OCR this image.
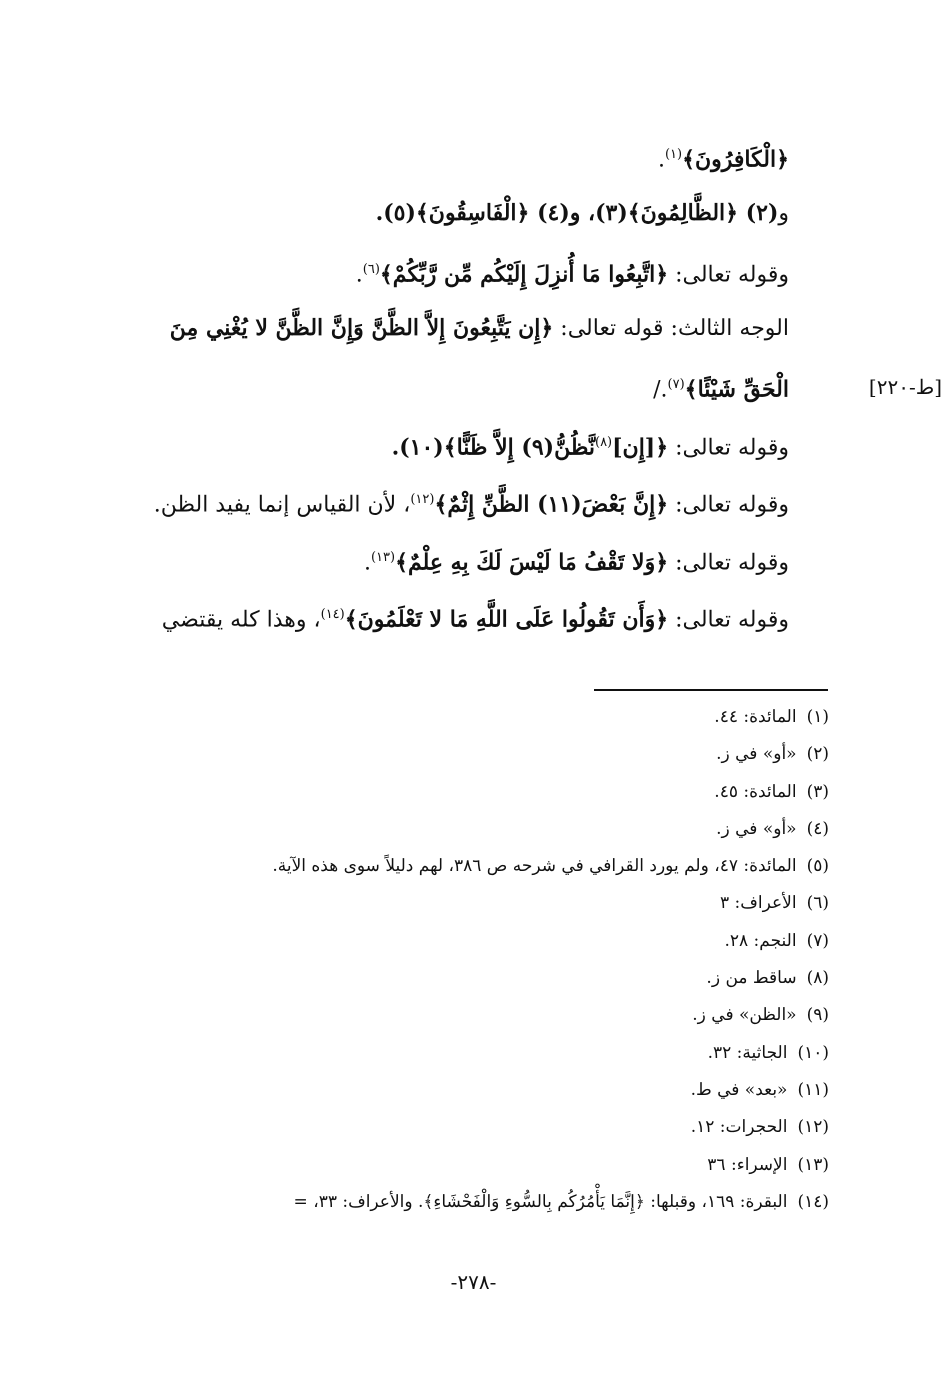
﴿الْكَافِرُونَ﴾$^{(١)}$.
و(٢) ﴿الظَّالِمُونَ﴾(٣)، و(٤) ﴿الْفَاسِقُونَ﴾(٥).
وقوله تعالى: ﴿اتَّبِعُوا مَا أُنزِلَ إِلَيْكُم مِّن رَّبِّكُمْ﴾$^{(٦)}$.
الوجه الثالث: قوله تعالى: ﴿إِن يَتَّبِعُونَ إِلاَّ الظَّنَّ وَإِنَّ الظَّنَّ لا يُغْنِي مِنَ
الْحَقِّ شَيْئًا﴾$^{(٧)}$./
وقوله تعالى: ﴿[إِن]$^{(٨)}$نَّظُنُّ(٩) إِلاَّ ظَنًّا﴾(١٠).
وقوله تعالى: ﴿إِنَّ بَعْضَ(١١) الظَّنِّ إِثْمٌ﴾$^{(١٢)}$، لأن القياس إنما يفيد الظن.
وقوله تعالى: ﴿وَلا تَقْفُ مَا لَيْسَ لَكَ بِهِ عِلْمٌ﴾$^{(١٣)}$.
وقوله تعالى: ﴿وَأَن تَقُولُوا عَلَى اللَّهِ مَا لا تَعْلَمُونَ﴾$^{(١٤)}$، وهذا كله يقتضي
[ط-٢٢٠]
(١)المائدة: ٤٤.
(٢)«أو» في ز.
(٣)المائدة: ٤٥.
(٤)«أو» في ز.
(٥)المائدة: ٤٧، ولم يورد القرافي في شرحه ص ٣٨٦، لهم دليلاً سوى هذه الآية.
(٦)الأعراف: ٣
(٧)النجم: ٢٨.
(٨)ساقط من ز.
(٩)«الظن» في ز.
(١٠)الجاثية: ٣٢.
(١١)«بعد» في ط.
(١٢)الحجرات: ١٢.
(١٣)الإسراء: ٣٦
(١٤)البقرة: ١٦٩، وقبلها: ﴿إِنَّمَا يَأْمُرُكُم بِالسُّوءِ وَالْفَحْشَاءِ﴾. والأعراف: ٣٣، =
-٢٧٨-
